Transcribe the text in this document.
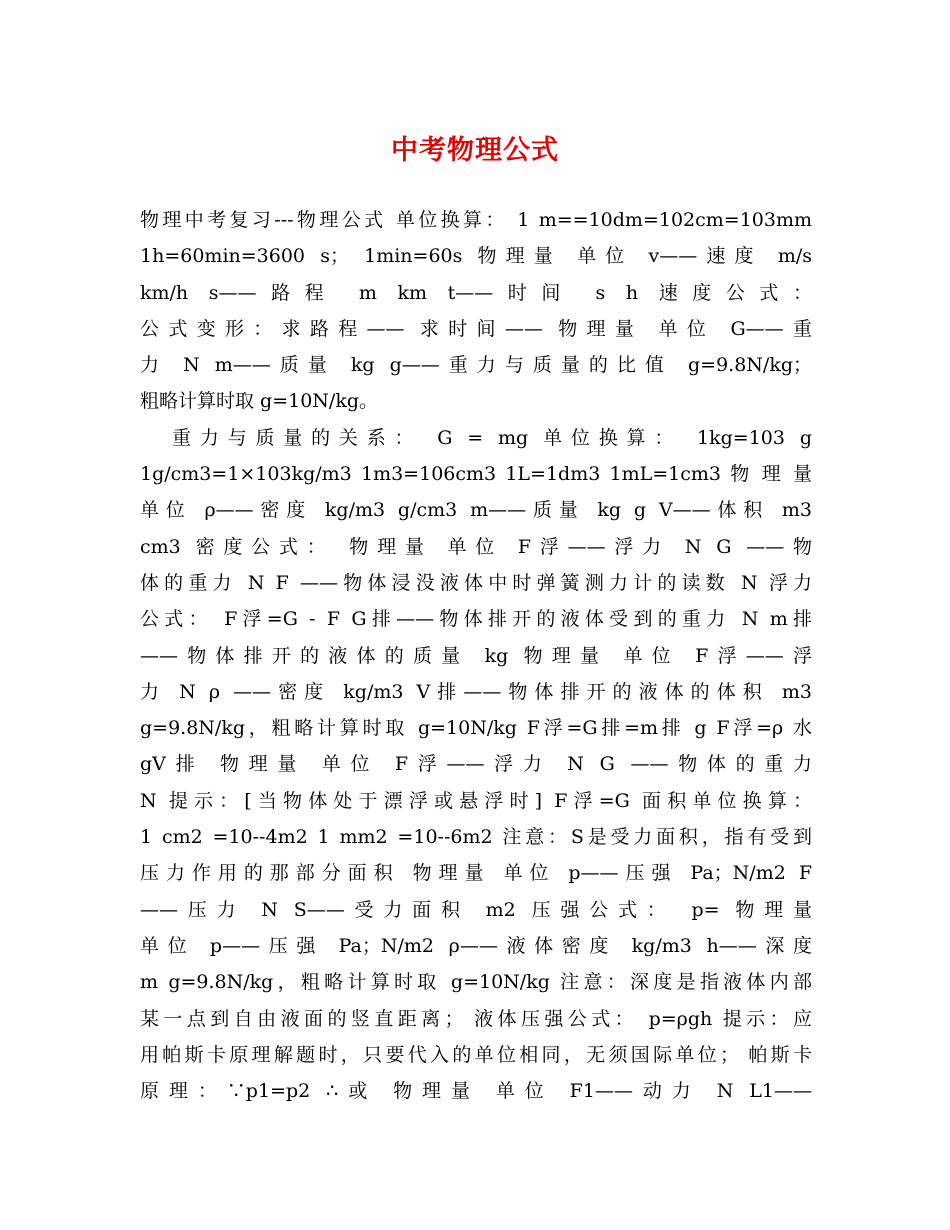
中考物理公式
物理中考复习---物理公式 单位换算： 1 m==10dm=102cm=103mm
1h=60min=3600 s； 1min=60s 物理量 单位 v——速度 m/s
km/h s——路程 m km t——时间 s h 速度公式：
公式变形：求路程—— 求时间—— 物理量 单位 G——重
力 N m——质量 kg g——重力与质量的比值 g=9.8N/kg；
粗略计算时取 g=10N/kg。
重力与质量的关系： G = mg 单位换算： 1kg=103 g
1g/cm3=1×103kg/m3 1m3=106cm3 1L=1dm3 1mL=1cm3 物 理 量
单位 ρ——密度 kg/m3 g/cm3 m——质量 kg g V——体积 m3
cm3 密度公式： 物理量 单位 F浮——浮力 N G ——物
体的重力 N F ——物体浸没液体中时弹簧测力计的读数 N 浮力
公式： F浮=G - F G排——物体排开的液体受到的重力 N m排
——物体排开的液体的质量 kg 物理量 单位 F浮——浮
力 N ρ ——密度 kg/m3 V排——物体排开的液体的体积 m3
g=9.8N/kg，粗略计算时取 g=10N/kg F浮=G排=m排 g F浮=ρ 水
gV排 物理量 单位 F浮——浮力 N G ——物体的重力
N 提示：[当物体处于漂浮或悬浮时] F浮=G 面积单位换算：
1 cm2 =10--4m2 1 mm2 =10--6m2 注意：S是受力面积，指有受到
压力作用的那部分面积 物理量 单位 p——压强 Pa；N/m2 F
——压力 N S——受力面积 m2 压强公式： p= 物理量
单位 p——压强 Pa；N/m2 ρ——液体密度 kg/m3 h——深度
m g=9.8N/kg，粗略计算时取 g=10N/kg 注意：深度是指液体内部
某一点到自由液面的竖直距离； 液体压强公式： p=ρgh 提示：应
用帕斯卡原理解题时，只要代入的单位相同，无须国际单位； 帕斯卡
原理：∵p1=p2 ∴或 物理量 单位 F1——动力 N L1——
